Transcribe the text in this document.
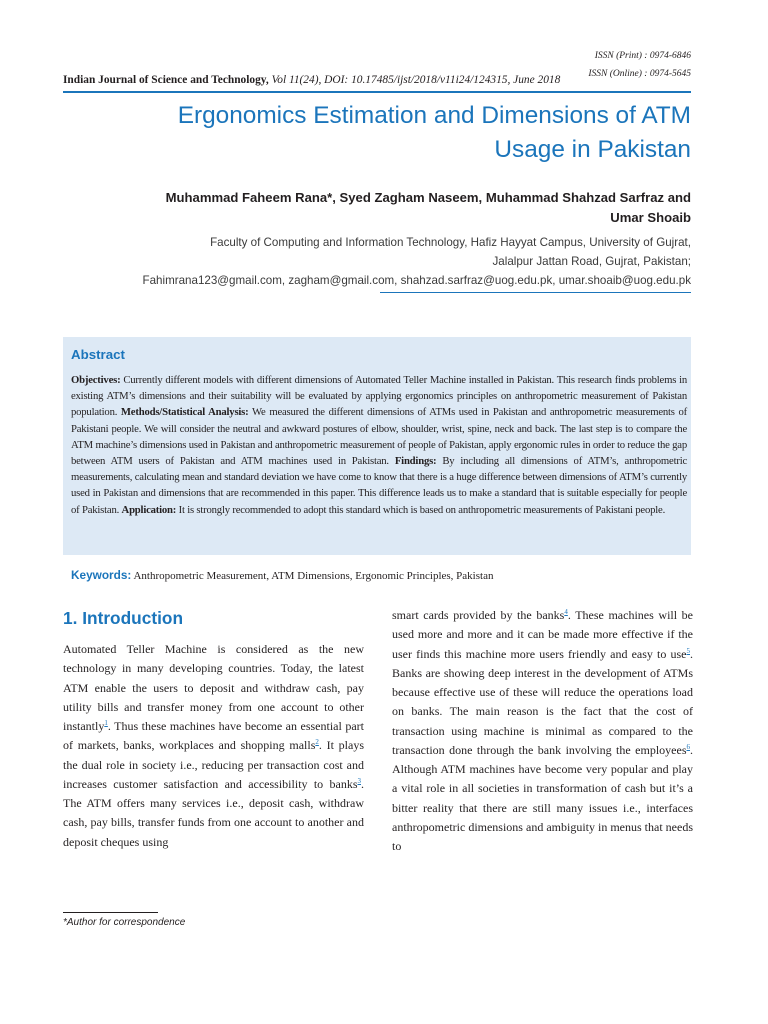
ISSN (Print) : 0974-6846
ISSN (Online) : 0974-5645
Indian Journal of Science and Technology, Vol 11(24), DOI: 10.17485/ijst/2018/v11i24/124315, June 2018
Ergonomics Estimation and Dimensions of ATM
Usage in Pakistan
Muhammad Faheem Rana*, Syed Zagham Naseem, Muhammad Shahzad Sarfraz and
Umar Shoaib
Faculty of Computing and Information Technology, Hafiz Hayyat Campus, University of Gujrat,
Jalalpur Jattan Road, Gujrat, Pakistan;
Fahimrana123@gmail.com, zagham@gmail.com, shahzad.sarfraz@uog.edu.pk, umar.shoaib@uog.edu.pk
Abstract
Objectives: Currently different models with different dimensions of Automated Teller Machine installed in Pakistan. This research finds problems in existing ATM’s dimensions and their suitability will be evaluated by applying ergonomics principles on anthropometric measurement of Pakistan population. Methods/Statistical Analysis: We measured the different dimensions of ATMs used in Pakistan and anthropometric measurements of Pakistani people. We will consider the neutral and awkward postures of elbow, shoulder, wrist, spine, neck and back. The last step is to compare the ATM machine’s dimensions used in Pakistan and anthropometric measurement of people of Pakistan, apply ergonomic rules in order to reduce the gap between ATM users of Pakistan and ATM machines used in Pakistan. Findings: By including all dimensions of ATM’s, anthropometric measurements, calculating mean and standard deviation we have come to know that there is a huge difference between dimensions of ATM’s currently used in Pakistan and dimensions that are recommended in this paper. This difference leads us to make a standard that is suitable especially for people of Pakistan. Application: It is strongly recommended to adopt this standard which is based on anthropometric measurements of Pakistani people.
Keywords: Anthropometric Measurement, ATM Dimensions, Ergonomic Principles, Pakistan
1. Introduction
Automated Teller Machine is considered as the new technology in many developing countries. Today, the latest ATM enable the users to deposit and withdraw cash, pay utility bills and transfer money from one account to other instantly$^1$. Thus these machines have become an essential part of markets, banks, workplaces and shopping malls$^2$. It plays the dual role in society i.e., reducing per transaction cost and increases customer satisfaction and accessibility to banks$^3$. The ATM offers many services i.e., deposit cash, withdraw cash, pay bills, transfer funds from one account to another and deposit cheques using
smart cards provided by the banks$^4$. These machines will be used more and more and it can be made more effective if the user finds this machine more users friendly and easy to use$^5$. Banks are showing deep interest in the development of ATMs because effective use of these will reduce the operations load on banks. The main reason is the fact that the cost of transaction using machine is minimal as compared to the transaction done through the bank involving the employees$^6$. Although ATM machines have become very popular and play a vital role in all societies in transformation of cash but it’s a bitter reality that there are still many issues i.e., interfaces anthropometric dimensions and ambiguity in menus that needs to
*Author for correspondence
